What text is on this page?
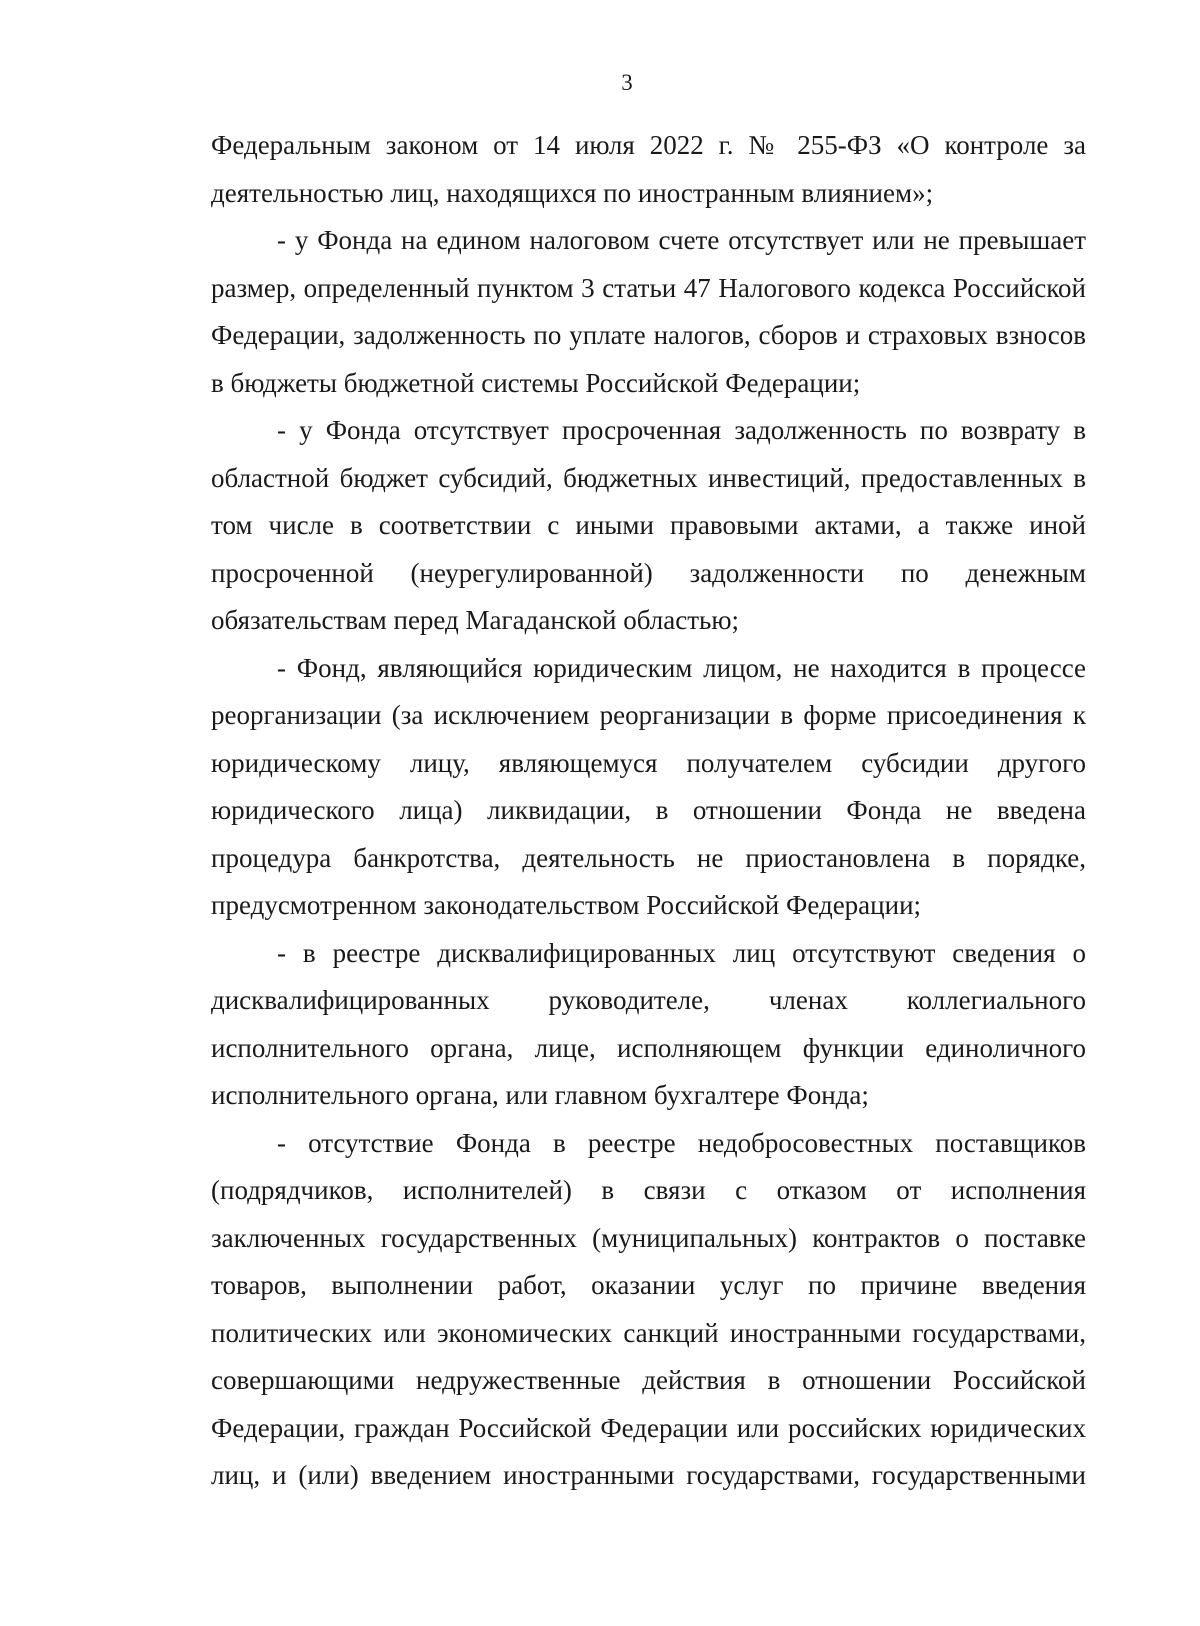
3

Федеральным законом от 14 июля 2022 г. № 255-ФЗ «О контроле за деятельностью лиц, находящихся по иностранным влиянием»;

- у Фонда на едином налоговом счете отсутствует или не превышает размер, определенный пунктом 3 статьи 47 Налогового кодекса Российской Федерации, задолженность по уплате налогов, сборов и страховых взносов в бюджеты бюджетной системы Российской Федерации;

- у Фонда отсутствует просроченная задолженность по возврату в областной бюджет субсидий, бюджетных инвестиций, предоставленных в том числе в соответствии с иными правовыми актами, а также иной просроченной (неурегулированной) задолженности по денежным обязательствам перед Магаданской областью;

- Фонд, являющийся юридическим лицом, не находится в процессе реорганизации (за исключением реорганизации в форме присоединения к юридическому лицу, являющемуся получателем субсидии другого юридического лица) ликвидации, в отношении Фонда не введена процедура банкротства, деятельность не приостановлена в порядке, предусмотренном законодательством Российской Федерации;

- в реестре дисквалифицированных лиц отсутствуют сведения о дисквалифицированных руководителе, членах коллегиального исполнительного органа, лице, исполняющем функции единоличного исполнительного органа, или главном бухгалтере Фонда;

- отсутствие Фонда в реестре недобросовестных поставщиков (подрядчиков, исполнителей) в связи с отказом от исполнения заключенных государственных (муниципальных) контрактов о поставке товаров, выполнении работ, оказании услуг по причине введения политических или экономических санкций иностранными государствами, совершающими недружественные действия в отношении Российской Федерации, граждан Российской Федерации или российских юридических лиц, и (или) введением иностранными государствами, государственными
